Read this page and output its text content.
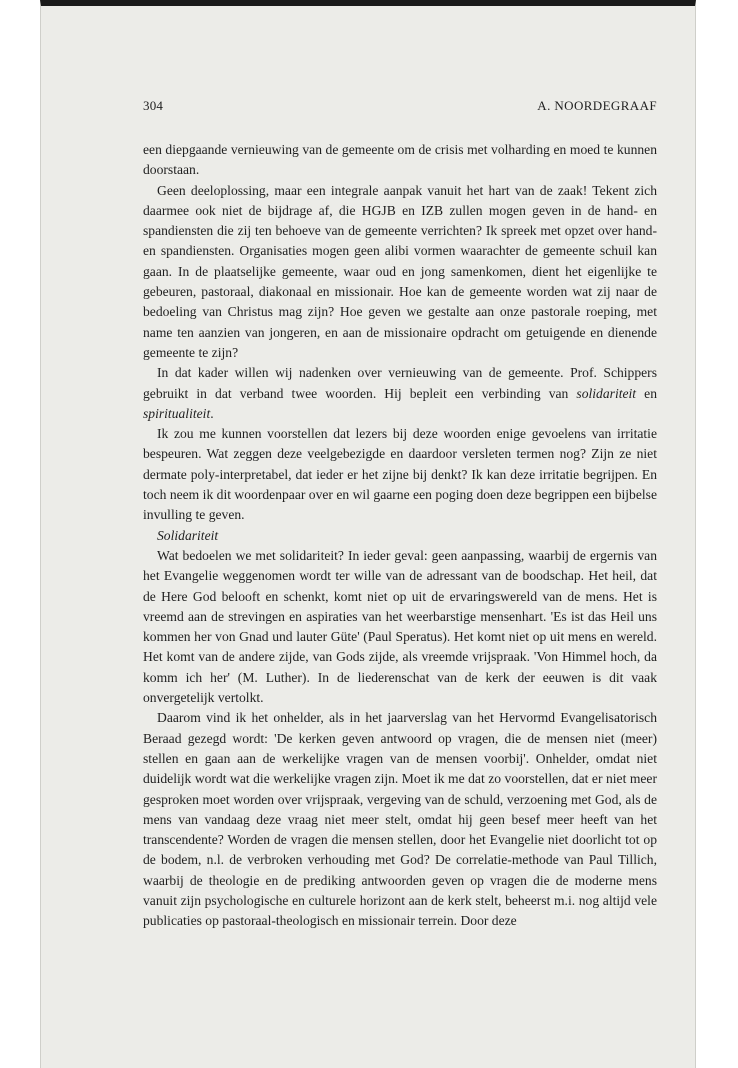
304	A. NOORDEGRAAF

een diepgaande vernieuwing van de gemeente om de crisis met volharding en moed te kunnen doorstaan.

Geen deeloplossing, maar een integrale aanpak vanuit het hart van de zaak! Tekent zich daarmee ook niet de bijdrage af, die HGJB en IZB zullen mogen geven in de hand- en spandiensten die zij ten behoeve van de gemeente verrichten? Ik spreek met opzet over hand- en spandiensten. Organisaties mogen geen alibi vormen waarachter de gemeente schuil kan gaan. In de plaatselijke gemeente, waar oud en jong samenkomen, dient het eigenlijke te gebeuren, pastoraal, diakonaal en missionair. Hoe kan de gemeente worden wat zij naar de bedoeling van Christus mag zijn? Hoe geven we gestalte aan onze pastorale roeping, met name ten aanzien van jongeren, en aan de missionaire opdracht om getuigende en dienende gemeente te zijn?

In dat kader willen wij nadenken over vernieuwing van de gemeente. Prof. Schippers gebruikt in dat verband twee woorden. Hij bepleit een verbinding van solidariteit en spiritualiteit.

Ik zou me kunnen voorstellen dat lezers bij deze woorden enige gevoelens van irritatie bespeuren. Wat zeggen deze veelgebezigde en daardoor versleten termen nog? Zijn ze niet dermate poly-interpretabel, dat ieder er het zijne bij denkt? Ik kan deze irritatie begrijpen. En toch neem ik dit woordenpaar over en wil gaarne een poging doen deze begrippen een bijbelse invulling te geven.

Solidariteit

Wat bedoelen we met solidariteit? In ieder geval: geen aanpassing, waarbij de ergernis van het Evangelie weggenomen wordt ter wille van de adressant van de boodschap. Het heil, dat de Here God belooft en schenkt, komt niet op uit de ervaringswereld van de mens. Het is vreemd aan de strevingen en aspiraties van het weerbarstige mensenhart. 'Es ist das Heil uns kommen her von Gnad und lauter Güte' (Paul Speratus). Het komt niet op uit mens en wereld. Het komt van de andere zijde, van Gods zijde, als vreemde vrijspraak. 'Von Himmel hoch, da komm ich her' (M. Luther). In de liederenschat van de kerk der eeuwen is dit vaak onvergetelijk vertolkt.

Daarom vind ik het onhelder, als in het jaarverslag van het Hervormd Evangelisatorisch Beraad gezegd wordt: 'De kerken geven antwoord op vragen, die de mensen niet (meer) stellen en gaan aan de werkelijke vragen van de mensen voorbij'. Onhelder, omdat niet duidelijk wordt wat die werkelijke vragen zijn. Moet ik me dat zo voorstellen, dat er niet meer gesproken moet worden over vrijspraak, vergeving van de schuld, verzoening met God, als de mens van vandaag deze vraag niet meer stelt, omdat hij geen besef meer heeft van het transcendente? Worden de vragen die mensen stellen, door het Evangelie niet doorlicht tot op de bodem, n.l. de verbroken verhouding met God? De correlatie-methode van Paul Tillich, waarbij de theologie en de prediking antwoorden geven op vragen die de moderne mens vanuit zijn psychologische en culturele horizont aan de kerk stelt, beheerst m.i. nog altijd vele publicaties op pastoraal-theologisch en missionair terrein. Door deze
